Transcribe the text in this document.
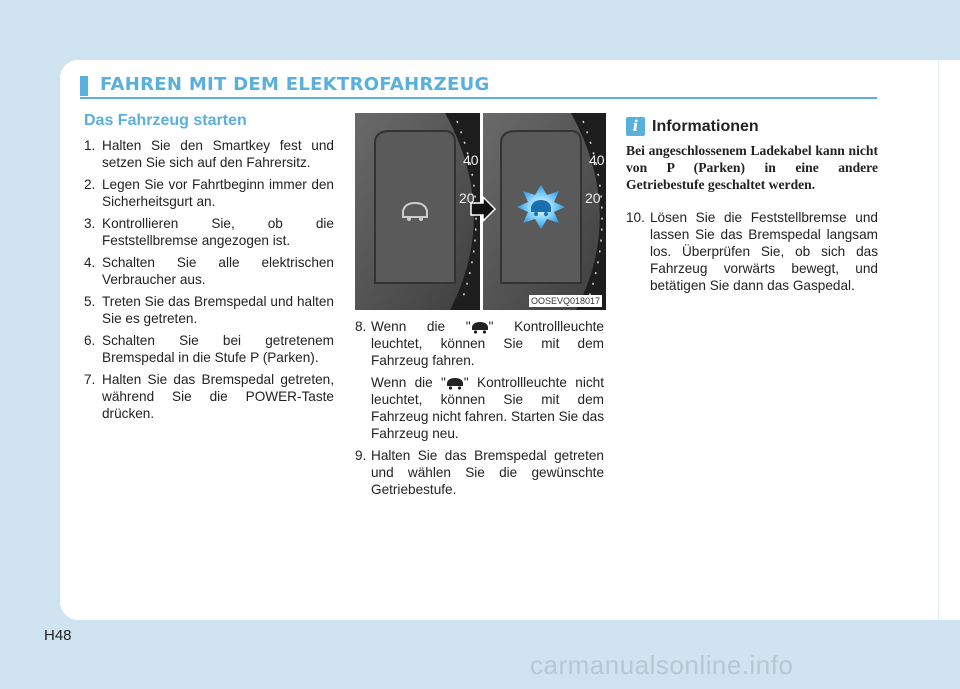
FAHREN MIT DEM ELEKTROFAHRZEUG
Das Fahrzeug starten
1. Halten Sie den Smartkey fest und setzen Sie sich auf den Fahrersitz.
2. Legen Sie vor Fahrtbeginn immer den Sicherheitsgurt an.
3. Kontrollieren Sie, ob die Feststellbremse angezogen ist.
4. Schalten Sie alle elektrischen Verbraucher aus.
5. Treten Sie das Bremspedal und halten Sie es getreten.
6. Schalten Sie bei getretenem Bremspedal in die Stufe P (Parken).
7. Halten Sie das Bremspedal getreten, während Sie die POWER-Taste drücken.
40
20
40
20
OOSEVQ018017
8. Wenn die " " Kontrollleuchte leuchtet, können Sie mit dem Fahrzeug fahren.
Wenn die " " Kontrollleuchte nicht leuchtet, können Sie mit dem Fahrzeug nicht fahren. Starten Sie das Fahrzeug neu.
9. Halten Sie das Bremspedal getreten und wählen Sie die gewünschte Getriebestufe.
i Informationen
Bei angeschlossenem Ladekabel kann nicht von P (Parken) in eine andere Getriebestufe geschaltet werden.
10. Lösen Sie die Feststellbremse und lassen Sie das Bremspedal langsam los. Überprüfen Sie, ob sich das Fahrzeug vorwärts bewegt, und betätigen Sie dann das Gaspedal.
H48
carmanualsonline.info
